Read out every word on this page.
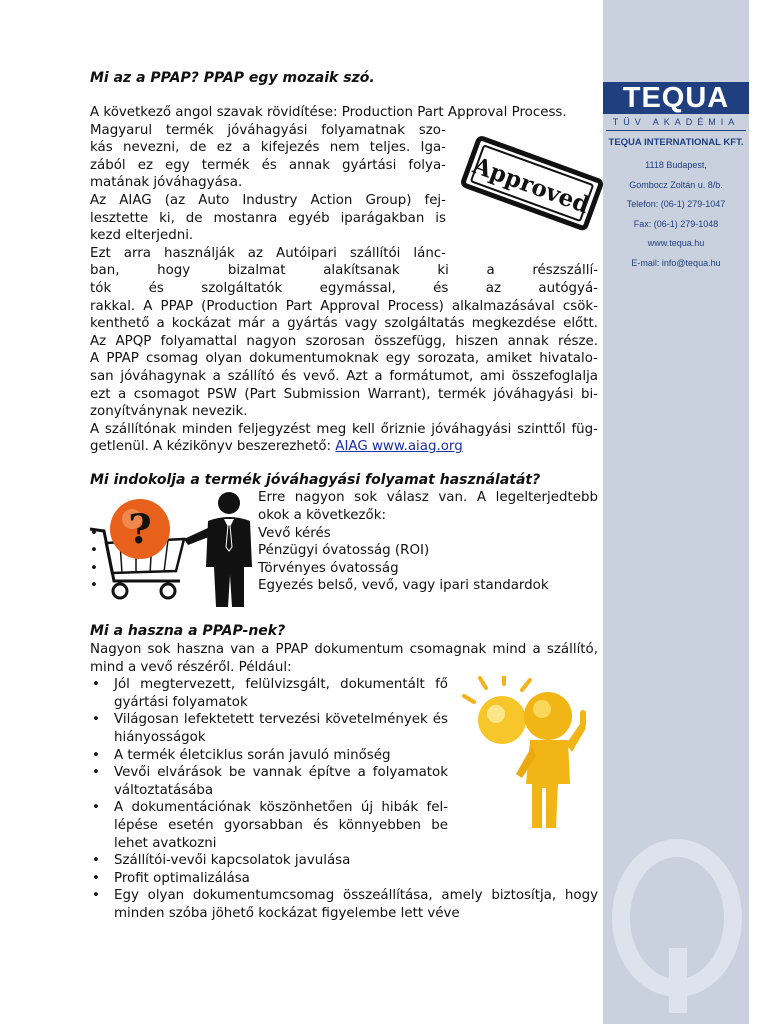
TEQUA
TÜV AKADÉMIA
TEQUA INTERNATIONAL KFT.
1118 Budapest,
Gombocz Zoltán u. 8/b.
Telefon: (06-1) 279-1047
Fax: (06-1) 279-1048
www.tequa.hu
E-mail: info@tequa.hu
Mi az a PPAP? PPAP egy mozaik szó.

A következő angol szavak rövidítése: Production Part Approval Process.

Approved

Magyarul termék jóváhagyási folyamatnak szo-

kás nevezni, de ez a kifejezés nem teljes. Iga-

zából ez egy termék és annak gyártási folya-

matának jóváhagyása.

Az AIAG (az Auto Industry Action Group) fej-

lesztette ki, de mostanra egyéb iparágakban is

kezd elterjedni.

Ezt arra használják az Autóipari szállítói lánc-

ban, hogy bizalmat alakítsanak ki a részszállí-

tók és szolgáltatók egymással, és az autógyá-

rakkal. A PPAP (Production Part Approval Process) alkalmazásával csök-

kenthető a kockázat már a gyártás vagy szolgáltatás megkezdése előtt.

Az APQP folyamattal nagyon szorosan összefügg, hiszen annak része.

A PPAP csomag olyan dokumentumoknak egy sorozata, amiket hivatalo-

san jóváhagynak a szállító és vevő. Azt a formátumot, ami összefoglalja

ezt a csomagot PSW (Part Submission Warrant), termék jóváhagyási bi-

zonyítványnak nevezik.

A szállítónak minden feljegyzést meg kell őriznie jóváhagyási szinttől füg-

getlenül. A kézikönyv beszerezhető: AIAG www.aiag.org

Mi indokolja a termék jóváhagyási folyamat használatát?
?

Erre nagyon sok válasz van. A legelterjedtebb

okok a következők:

• Vevő kérés
• Pénzügyi óvatosság (ROI)
• Törvényes óvatosság
• Egyezés belső, vevő, vagy ipari standardok
Mi a haszna a PPAP-nek?

Nagyon sok haszna van a PPAP dokumentum csomagnak mind a szállító, mind a vevő részéről. Például:

• Jól megtervezett, felülvizsgált, dokumentált fő gyártási folyamatok
• Világosan lefektetett tervezési követelmények és hiányosságok
• A termék életciklus során javuló minőség
• Vevői elvárások be vannak építve a folyamatok változtatásába
• A dokumentációnak köszönhetően új hibák fel-lépése esetén gyorsabban és könnyebben be lehet avatkozni
• Szállítói-vevői kapcsolatok javulása
• Profit optimalizálása
• Egy olyan dokumentumcsomag összeállítása, amely biztosítja, hogy minden szóba jöhető kockázat figyelembe lett véve
